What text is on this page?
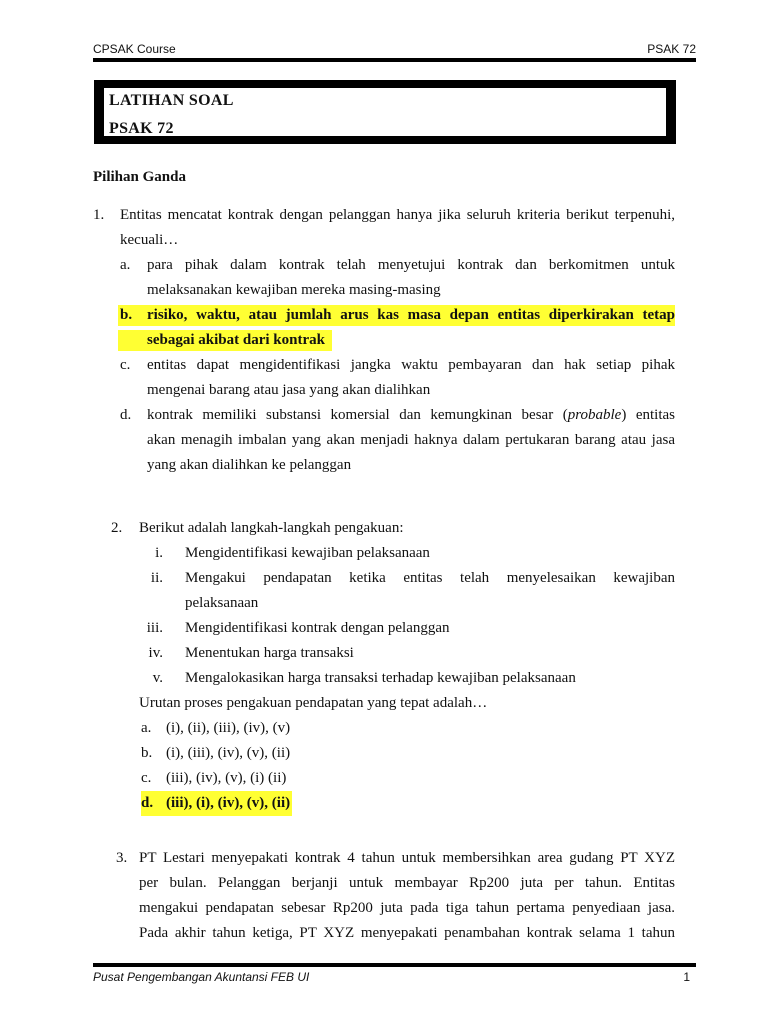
CPSAK Course	PSAK 72
LATIHAN SOAL
PSAK 72
Pilihan Ganda
1. Entitas mencatat kontrak dengan pelanggan hanya jika seluruh kriteria berikut terpenuhi,
kecuali…
a. para pihak dalam kontrak telah menyetujui kontrak dan berkomitmen untuk
melaksanakan kewajiban mereka masing-masing
b. risiko, waktu, atau jumlah arus kas masa depan entitas diperkirakan tetap
sebagai akibat dari kontrak
c. entitas dapat mengidentifikasi jangka waktu pembayaran dan hak setiap pihak
mengenai barang atau jasa yang akan dialihkan
d. kontrak memiliki substansi komersial dan kemungkinan besar (probable) entitas
akan menagih imbalan yang akan menjadi haknya dalam pertukaran barang atau jasa
yang akan dialihkan ke pelanggan
2. Berikut adalah langkah-langkah pengakuan:
i. Mengidentifikasi kewajiban pelaksanaan
ii. Mengakui pendapatan ketika entitas telah menyelesaikan kewajiban
pelaksanaan
iii. Mengidentifikasi kontrak dengan pelanggan
iv. Menentukan harga transaksi
v. Mengalokasikan harga transaksi terhadap kewajiban pelaksanaan
Urutan proses pengakuan pendapatan yang tepat adalah…
a. (i), (ii), (iii), (iv), (v)
b. (i), (iii), (iv), (v), (ii)
c. (iii), (iv), (v), (i) (ii)
d. (iii), (i), (iv), (v), (ii)
3. PT Lestari menyepakati kontrak 4 tahun untuk membersihkan area gudang PT XYZ
per bulan. Pelanggan berjanji untuk membayar Rp200 juta per tahun. Entitas
mengakui pendapatan sebesar Rp200 juta pada tiga tahun pertama penyediaan jasa.
Pada akhir tahun ketiga, PT XYZ menyepakati penambahan kontrak selama 1 tahun
Pusat Pengembangan Akuntansi FEB UI	1
